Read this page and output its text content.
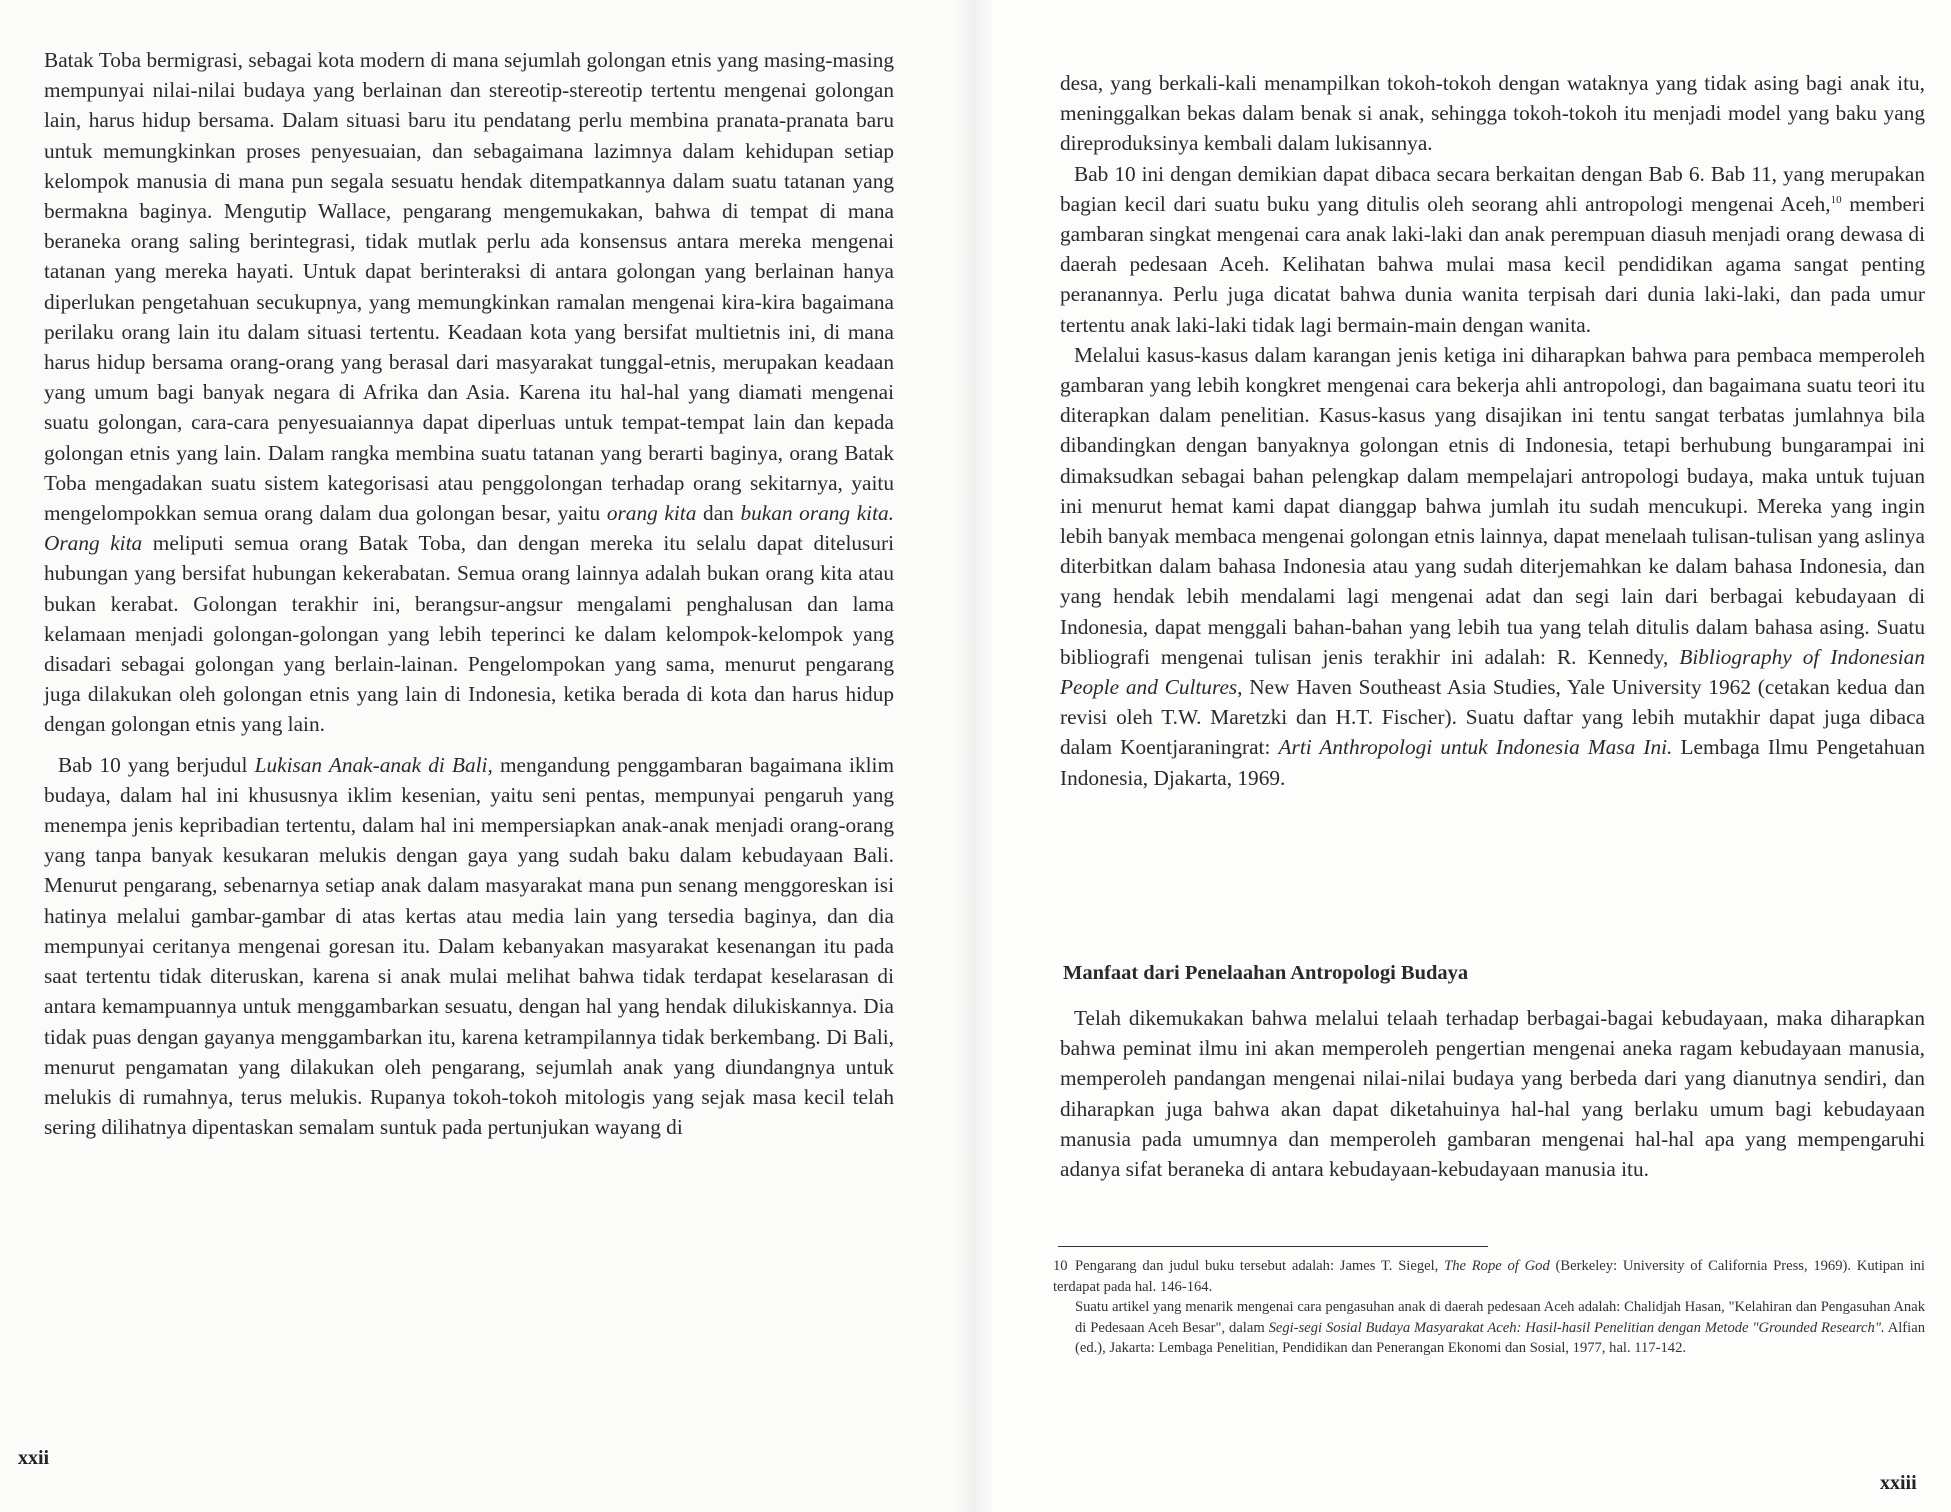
Batak Toba bermigrasi, sebagai kota modern di mana sejumlah golongan etnis yang masing-masing mempunyai nilai-nilai budaya yang berlainan dan stereotip-stereotip tertentu mengenai golongan lain, harus hidup bersama. Dalam situasi baru itu pendatang perlu membina pranata-pranata baru untuk memungkinkan proses penyesuaian, dan sebagaimana lazimnya dalam kehidupan setiap kelompok manusia di mana pun segala sesuatu hendak ditempatkannya dalam suatu tatanan yang bermakna baginya. Mengutip Wallace, pengarang mengemukakan, bahwa di tempat di mana beraneka orang saling berintegrasi, tidak mutlak perlu ada konsensus antara mereka mengenai tatanan yang mereka hayati. Untuk dapat berinteraksi di antara golongan yang berlainan hanya diperlukan pengetahuan secukupnya, yang memungkinkan ramalan mengenai kira-kira bagaimana perilaku orang lain itu dalam situasi tertentu. Keadaan kota yang bersifat multietnis ini, di mana harus hidup bersama orang-orang yang berasal dari masyarakat tunggal-etnis, merupakan keadaan yang umum bagi banyak negara di Afrika dan Asia. Karena itu hal-hal yang diamati mengenai suatu golongan, cara-cara penyesuaiannya dapat diperluas untuk tempat-tempat lain dan kepada golongan etnis yang lain. Dalam rangka membina suatu tatanan yang berarti baginya, orang Batak Toba mengadakan suatu sistem kategorisasi atau penggolongan terhadap orang sekitarnya, yaitu mengelompokkan semua orang dalam dua golongan besar, yaitu orang kita dan bukan orang kita. Orang kita meliputi semua orang Batak Toba, dan dengan mereka itu selalu dapat ditelusuri hubungan yang bersifat hubungan kekerabatan. Semua orang lainnya adalah bukan orang kita atau bukan kerabat. Golongan terakhir ini, berangsur-angsur mengalami penghalusan dan lama kelamaan menjadi golongan-golongan yang lebih teperinci ke dalam kelompok-kelompok yang disadari sebagai golongan yang berlain-lainan. Pengelompokan yang sama, menurut pengarang juga dilakukan oleh golongan etnis yang lain di Indonesia, ketika berada di kota dan harus hidup dengan golongan etnis yang lain.

Bab 10 yang berjudul Lukisan Anak-anak di Bali, mengandung penggambaran bagaimana iklim budaya, dalam hal ini khususnya iklim kesenian, yaitu seni pentas, mempunyai pengaruh yang menempa jenis kepribadian tertentu, dalam hal ini mempersiapkan anak-anak menjadi orang-orang yang tanpa banyak kesukaran melukis dengan gaya yang sudah baku dalam kebudayaan Bali. Menurut pengarang, sebenarnya setiap anak dalam masyarakat mana pun senang menggoreskan isi hatinya melalui gambar-gambar di atas kertas atau media lain yang tersedia baginya, dan dia mempunyai ceritanya mengenai goresan itu. Dalam kebanyakan masyarakat kesenangan itu pada saat tertentu tidak diteruskan, karena si anak mulai melihat bahwa tidak terdapat keselarasan di antara kemampuannya untuk menggambarkan sesuatu, dengan hal yang hendak dilukiskannya. Dia tidak puas dengan gayanya menggambarkan itu, karena ketrampilannya tidak berkembang. Di Bali, menurut pengamatan yang dilakukan oleh pengarang, sejumlah anak yang diundangnya untuk melukis di rumahnya, terus melukis. Rupanya tokoh-tokoh mitologis yang sejak masa kecil telah sering dilihatnya dipentaskan semalam suntuk pada pertunjukan wayang di

xxii

desa, yang berkali-kali menampilkan tokoh-tokoh dengan wataknya yang tidak asing bagi anak itu, meninggalkan bekas dalam benak si anak, sehingga tokoh-tokoh itu menjadi model yang baku yang direproduksinya kembali dalam lukisannya.

Bab 10 ini dengan demikian dapat dibaca secara berkaitan dengan Bab 6. Bab 11, yang merupakan bagian kecil dari suatu buku yang ditulis oleh seorang ahli antropologi mengenai Aceh,$^{10}$ memberi gambaran singkat mengenai cara anak laki-laki dan anak perempuan diasuh menjadi orang dewasa di daerah pedesaan Aceh. Kelihatan bahwa mulai masa kecil pendidikan agama sangat penting peranannya. Perlu juga dicatat bahwa dunia wanita terpisah dari dunia laki-laki, dan pada umur tertentu anak laki-laki tidak lagi bermain-main dengan wanita.

Melalui kasus-kasus dalam karangan jenis ketiga ini diharapkan bahwa para pembaca memperoleh gambaran yang lebih kongkret mengenai cara bekerja ahli antropologi, dan bagaimana suatu teori itu diterapkan dalam penelitian. Kasus-kasus yang disajikan ini tentu sangat terbatas jumlahnya bila dibandingkan dengan banyaknya golongan etnis di Indonesia, tetapi berhubung bungarampai ini dimaksudkan sebagai bahan pelengkap dalam mempelajari antropologi budaya, maka untuk tujuan ini menurut hemat kami dapat dianggap bahwa jumlah itu sudah mencukupi. Mereka yang ingin lebih banyak membaca mengenai golongan etnis lainnya, dapat menelaah tulisan-tulisan yang aslinya diterbitkan dalam bahasa Indonesia atau yang sudah diterjemahkan ke dalam bahasa Indonesia, dan yang hendak lebih mendalami lagi mengenai adat dan segi lain dari berbagai kebudayaan di Indonesia, dapat menggali bahan-bahan yang lebih tua yang telah ditulis dalam bahasa asing. Suatu bibliografi mengenai tulisan jenis terakhir ini adalah: R. Kennedy, Bibliography of Indonesian People and Cultures, New Haven Southeast Asia Studies, Yale University 1962 (cetakan kedua dan revisi oleh T.W. Maretzki dan H.T. Fischer). Suatu daftar yang lebih mutakhir dapat juga dibaca dalam Koentjaraningrat: Arti Anthropologi untuk Indonesia Masa Ini. Lembaga Ilmu Pengetahuan Indonesia, Djakarta, 1969.

Manfaat dari Penelaahan Antropologi Budaya

Telah dikemukakan bahwa melalui telaah terhadap berbagai-bagai kebudayaan, maka diharapkan bahwa peminat ilmu ini akan memperoleh pengertian mengenai aneka ragam kebudayaan manusia, memperoleh pandangan mengenai nilai-nilai budaya yang berbeda dari yang dianutnya sendiri, dan diharapkan juga bahwa akan dapat diketahuinya hal-hal yang berlaku umum bagi kebudayaan manusia pada umumnya dan memperoleh gambaran mengenai hal-hal apa yang mempengaruhi adanya sifat beraneka di antara kebudayaan-kebudayaan manusia itu.

10 Pengarang dan judul buku tersebut adalah: James T. Siegel, The Rope of God (Berkeley: University of California Press, 1969). Kutipan ini terdapat pada hal. 146-164.

Suatu artikel yang menarik mengenai cara pengasuhan anak di daerah pedesaan Aceh adalah: Chalidjah Hasan, "Kelahiran dan Pengasuhan Anak di Pedesaan Aceh Besar", dalam Segi-segi Sosial Budaya Masyarakat Aceh: Hasil-hasil Penelitian dengan Metode "Grounded Research". Alfian (ed.), Jakarta: Lembaga Penelitian, Pendidikan dan Penerangan Ekonomi dan Sosial, 1977, hal. 117-142.

xxiii
